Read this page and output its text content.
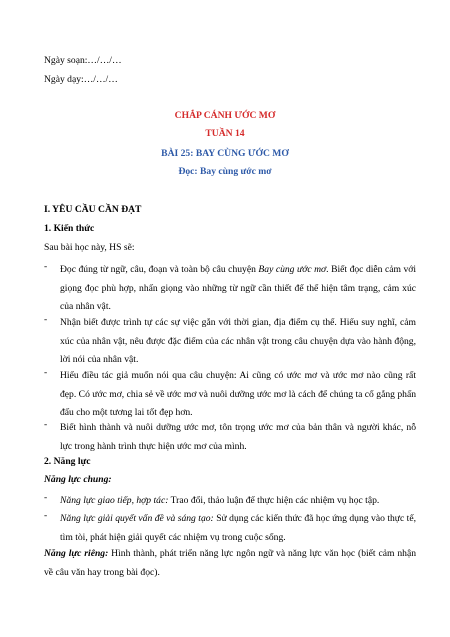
Ngày soạn:…/…/…
Ngày dạy:…/…/…
CHẮP CÁNH ƯỚC MƠ
TUẦN 14
BÀI 25: BAY CÙNG ƯỚC MƠ
Đọc: Bay cùng ước mơ
I. YÊU CẦU CẦN ĐẠT
1. Kiến thức
Sau bài học này, HS sẽ:
-	Đọc đúng từ ngữ, câu, đoạn và toàn bộ câu chuyện Bay cùng ước mơ. Biết đọc diễn cảm với giọng đọc phù hợp, nhấn giọng vào những từ ngữ cần thiết để thể hiện tâm trạng, cảm xúc của nhân vật.
-	Nhận biết được trình tự các sự việc gắn với thời gian, địa điểm cụ thể. Hiểu suy nghĩ, cảm xúc của nhân vật, nêu được đặc điểm của các nhân vật trong câu chuyện dựa vào hành động, lời nói của nhân vật.
-	Hiểu điều tác giả muốn nói qua câu chuyện: Ai cũng có ước mơ và ước mơ nào cũng rất đẹp. Có ước mơ, chia sẻ về ước mơ và nuôi dưỡng ước mơ là cách để chúng ta cố gắng phấn đấu cho một tương lai tốt đẹp hơn.
-	Biết hình thành và nuôi dưỡng ước mơ, tôn trọng ước mơ của bản thân và người khác, nỗ lực trong hành trình thực hiện ước mơ của mình.
2. Năng lực
Năng lực chung:
-	Năng lực giao tiếp, hợp tác: Trao đổi, thảo luận để thực hiện các nhiệm vụ học tập.
-	Năng lực giải quyết vấn đề và sáng tạo: Sử dụng các kiến thức đã học ứng dụng vào thực tế, tìm tòi, phát hiện giải quyết các nhiệm vụ trong cuộc sống.
Năng lực riêng: Hình thành, phát triển năng lực ngôn ngữ và năng lực văn học (biết cảm nhận về câu văn hay trong bài đọc).
